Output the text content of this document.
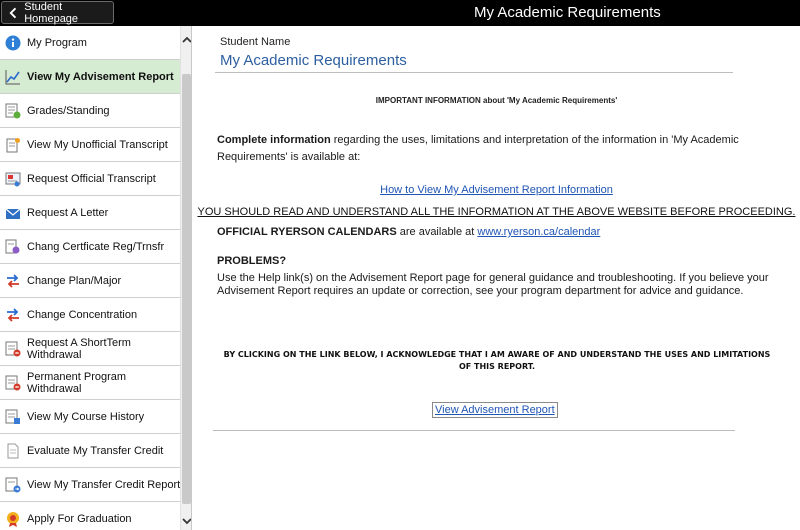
Student Homepage	My Academic Requirements
My Program
View My Advisement Report
Grades/Standing
View My Unofficial Transcript
Request Official Transcript
Request A Letter
Chang Certficate Reg/Trnsfr
Change Plan/Major
Change Concentration
Request A ShortTerm Withdrawal
Permanent Program Withdrawal
View My Course History
Evaluate My Transfer Credit
View My Transfer Credit Report
Apply For Graduation
Student Name
My Academic Requirements
IMPORTANT INFORMATION about 'My Academic Requirements'
Complete information regarding the uses, limitations and interpretation of the information in 'My Academic Requirements' is available at:
How to View My Advisement Report Information
YOU SHOULD READ AND UNDERSTAND ALL THE INFORMATION AT THE ABOVE WEBSITE BEFORE PROCEEDING.
OFFICIAL RYERSON CALENDARS are available at www.ryerson.ca/calendar
PROBLEMS?
Use the Help link(s) on the Advisement Report page for general guidance and troubleshooting. If you believe your Advisement Report requires an update or correction, see your program department for advice and guidance.
BY CLICKING ON THE LINK BELOW, I ACKNOWLEDGE THAT I AM AWARE OF AND UNDERSTAND THE USES AND LIMITATIONS OF THIS REPORT.
View Advisement Report
